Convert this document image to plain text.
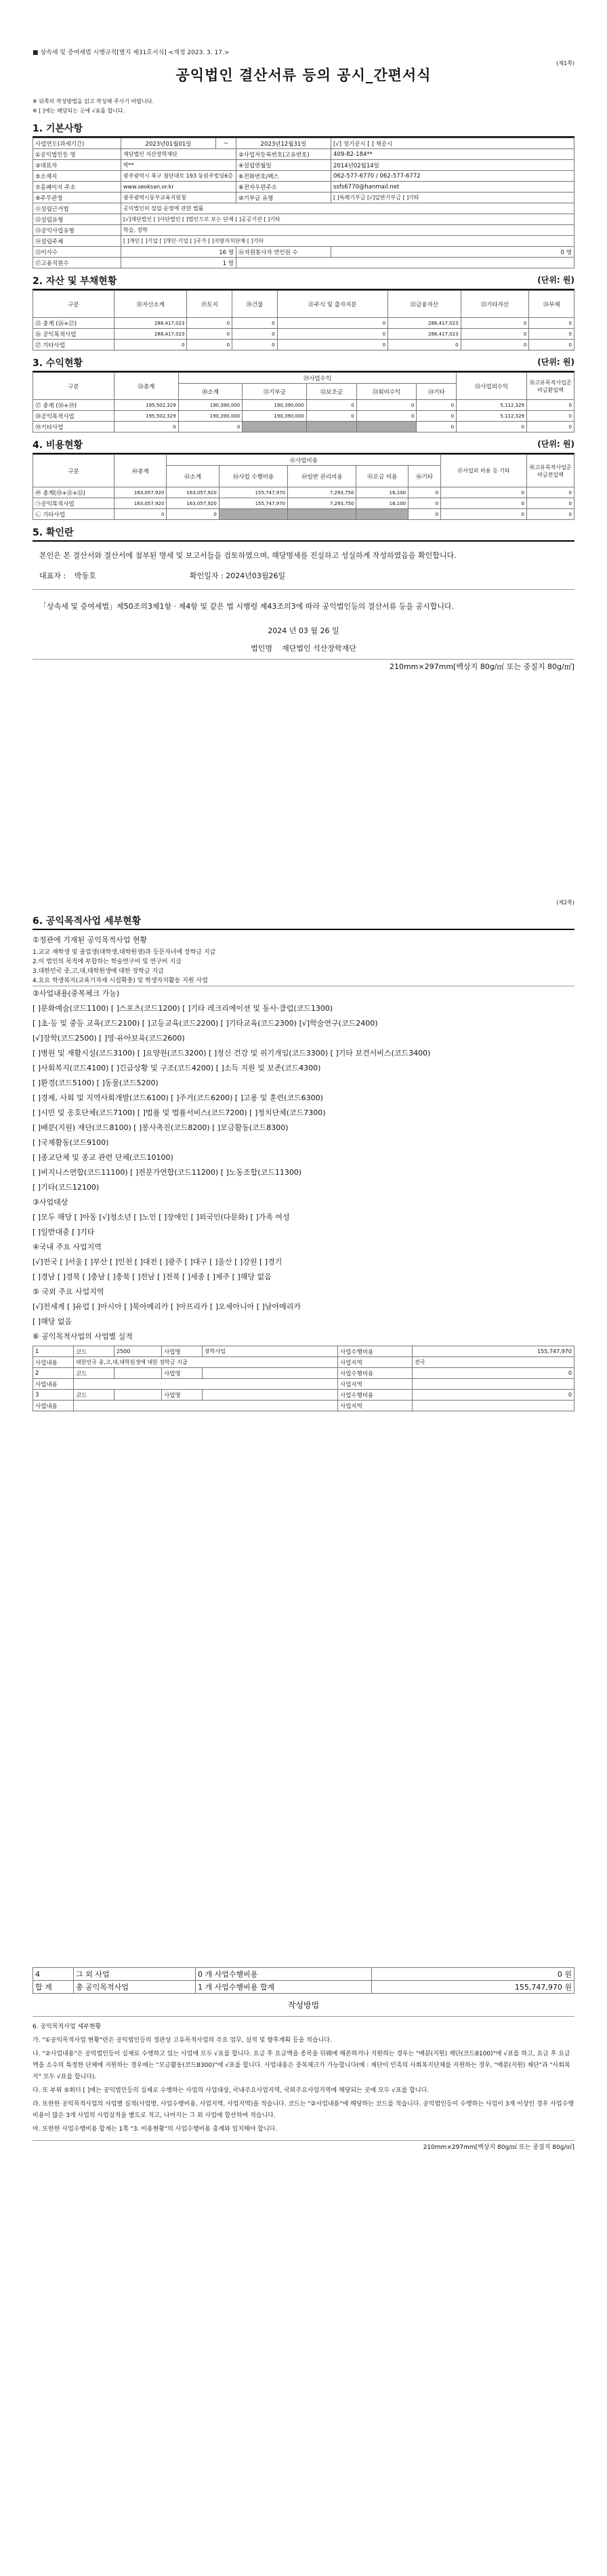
■ 상속세 및 증여세법 시행규칙[별지 제31호서식] <개정 2023. 3. 17.>
(제1쪽)
공익법인 결산서류 등의 공시_간편서식
※ 뒤쪽의 작성방법을 읽고 작성해 주시기 바랍니다.
※ [ ]에는 해당되는 곳에 √표를 합니다.
1. 기본사항
사업연도(과세기간)	2023년01월01일	~	2023년12월31일	[√] 정기공시 [ ] 재공시
①공익법인등 명	재단법인 석산장학재단		②사업자등록번호(고유번호)	409-82-184**
③대표자	박**		④설립연월일	2014년02월14일
⑤소재지	광주광역시 북구 첨단대로 193 동원주빌딩6층		⑥전화번호/팩스	062-577-6770 / 062-577-6772
⑦홈페이지 주소	www.seoksan.or.kr		⑧전자우편주소	ssfs6770@hanmail.net
⑨주무관청	광주광역시동부교육지원청		⑩기부금 유형	[ ]특례기부금 [√]일반기부금 [ ]기타
⑪설립근거법	공익법인의 설립·운영에 관한 법률			
⑫설립유형	[√]재단법인 [ ]사단법인 [ ]법인으로 보는 단체 [ ]공공기관 [ ]기타			
⑬공익사업유형	학술, 장학			
⑭설립주체	[ ]개인 [ ]기업 [ ]개인·기업 [ ]국가 [ ]지방자치단체 [ ]기타			
⑮이사수	16 명		⑯자원봉사자 연인원 수	0 명
⑰고용직원수	1 명			
2. 자산 및 부채현황	(단위: 원)
구분	⑱자산소계	⑲토지	⑳건물	㉑주식 및 출자지분	㉒금융자산	㉓기타자산	㉔부채
㉕ 총계 (㉖+㉗)	288,417,023	0	0	0	288,417,023	0	0
㉖ 공익목적사업	288,417,023	0	0	0	288,417,023	0	0
㉗ 기타사업	0	0	0	0	0	0	0
3. 수익현황	(단위: 원)
구분	㉘총계	㉙사업수익					㉟사업외수익	㊱고유목적사업준비금환입액
		㉚소계	㉛기부금	㉜보조금	㉝회비수익	㉞기타		
㊲ 총계 (㊳+㊴)	195,502,329	190,390,000	190,390,000	0	0	0	5,112,329	0
㊳공익목적사업	195,502,329	190,390,000	190,390,000	0	0	0	5,112,329	0
㊴기타사업	0	0				0	0	0
4. 비용현황	(단위: 원)
구분	㊵총계	㊶사업비용					㊼사업외 비용 등 기타	㊽고유목적사업준비금전입액
		㊷소계	㊸사업 수행비용	㊹일반 관리비용	㊺모금 비용	㊻기타		
㊾ 총계(㊿+㉑+㉒)	163,057,920	163,057,920	155,747,970	7,293,750	16,100	0	0	0
㉠공익목적사업	163,057,920	163,057,920	155,747,970	7,293,750	16,100	0	0	0
㉡ 기타사업	0	0				0	0	0
5. 확인란
본인은 본 결산서와 결산서에 첨부된 명세 및 보고서들을 검토하였으며, 해당명세를 진실하고 성실하게 작성하였음을 확인합니다.
대표자 :	박동호	확인일자 : 2024년03월26일
「상속세 및 증여세법」제50조의3제1항 · 제4항 및 같은 법 시행령 제43조의3에 따라 공익법인등의 결산서류 등을 공시합니다.
2024 년 03 월 26 일
법인명 재단법인 석산장학재단
210mm×297mm[백상지 80g/㎡ 또는 중질지 80g/㎡]
(제2쪽)
6. 공익목적사업 세부현황
①정관에 기재된 공익목적사업 현황
1.교교 재학생 및 졸업생(대학생,대학원생)과 등문자녀에 장학금 지급
2.이 법인의 목적에 부합하는 학술연구비 및 연구비 지급
3.대한민국 중,고,대,대학원생에 대한 장학금 지급
4.요요 학생복지(교육기자재 시설확충) 및 학생자치활동 지원 사업
②사업내용(중복체크 가능)
[ ]문화예술(코드1100) [ ]스포츠(코드1200) [ ]기타 레크리에이션 및 동사·클럽(코드1300)
[ ]초·등 및 중등 교육(코드2100) [ ]고등교육(코드2200) [ ]기타교육(코드2300) [√]학술연구(코드2400)
[√]장학(코드2500) [ ]영·유아보육(코드2600)
[ ]병원 및 재활시설(코드3100) [ ]요양원(코드3200) [ ]정신 건강 및 위기개입(코드3300) [ ]기타 보건서비스(코드3400)
[ ]사회복지(코드4100) [ ]긴급상황 및 구조(코드4200) [ ]소득 지원 및 보존(코드4300)
[ ]환경(코드5100) [ ]동물(코드5200)
[ ]경제, 사회 및 지역사회개발(코드6100) [ ]주거(코드6200) [ ]고용 및 훈련(코드6300)
[ ]시민 및 옹호단체(코드7100) [ ]법률 및 법률서비스(코드7200) [ ]정치단체(코드7300)
[ ]배분(지원) 재단(코드8100) [ ]봉사촉진(코드8200) [ ]모금활동(코드8300)
[ ]국제활동(코드9100)
[ ]종교단체 및 종교 관련 단체(코드10100)
[ ]비지니스연합(코드11100) [ ]전문가연합(코드11200) [ ]노동조합(코드11300)
[ ]기타(코드12100)
③사업대상
[ ]모두 해당 [ ]아동 [√]청소년 [ ]노인 [ ]장애인 [ ]외국인(다문화) [ ]가족 여성
[ ]일반대중 [ ]기타
④국내 주요 사업지역
[√]전국 [ ]서울 [ ]부산 [ ]인천 [ ]대전 [ ]광주 [ ]대구 [ ]울산 [ ]강원 [ ]경기
[ ]경남 [ ]경북 [ ]충남 [ ]충북 [ ]전남 [ ]전북 [ ]세종 [ ]제주 [ ]해당 없음
⑤ 국외 주요 사업지역
[√]전세계 [ ]유럽 [ ]아시아 [ ]북아메리카 [ ]아프리카 [ ]오세아니아 [ ]남아메리카
[ ]해당 없음
⑥ 공익목적사업의 사업별 실적
1	코드	2500	사업명	장학사업	사업수행비용	155,747,970
사업내용	대한민국 중,고,대,대학원생에 대한 장학금 지급				사업지역	전국
2	코드		사업명		사업수행비용	0
사업내용					사업지역	
3	코드		사업명		사업수행비용	0
사업내용					사업지역	
4	그 외 사업	0 개 사업수행비용	0 원
합 계	총 공익목적사업	1 개 사업수행비용 합계	155,747,970 원
작성방법
6. 공익목적사업 세부현황
가. "①공익목적사업 현황"란은 공익법인등의 정관상 고유목적사업의 주요 업무, 실적 및 향후계획 등을 적습니다.
나. "②사업내용"은 공익법인등이 실제로 수행하고 있는 사업에 모두 √표를 합니다. 요금 후 요금액을 종목을 뒤웨에 해본하거나 지원하는 경우는 "배분(지원) 재단(코드8100)"에 √표를 하고, 요금 후 요금액을 소수의 특정한 단체에 지원하는 경우에는 "모금활동(코드8300)"에 √표를 합니다. 사업내용은 중복체크가 가능합니다(예 : 재단이 민족의 사회복지단체를 지원하는 경우, "배분(지원) 재단"과 "사회복지" 모두 √표를 합니다).
다. 또 부위 ⑤회터 [ ]에는 공익법인등의 실제로 수행하는 사업의 사업대상, 국내주요사업지역, 국외주요사업지역에 해당되는 곳에 모두 √표를 합니다.
라. 또한한 공익목적사업의 사업별 실적(사업명, 사업수행비용, 사업지역, 사업지역)을 적습니다. 코드는 "②사업내용"에 해당하는 코드를 적습니다. 공익법인등이 수행하는 사업이 3개 이상인 경우 사업수행비용이 많은 3개 사업의 사업실적을 별도로 적고, 나머지는 그 외 사업에 합산하여 적습니다.
마. 또한한 사업수행비용 합계는 1쪽 "3. 비용현황"의 사업수행비용 총계와 일치해야 합니다.
210mm×297mm[백상지 80g/㎡ 또는 중질지 80g/㎡]
